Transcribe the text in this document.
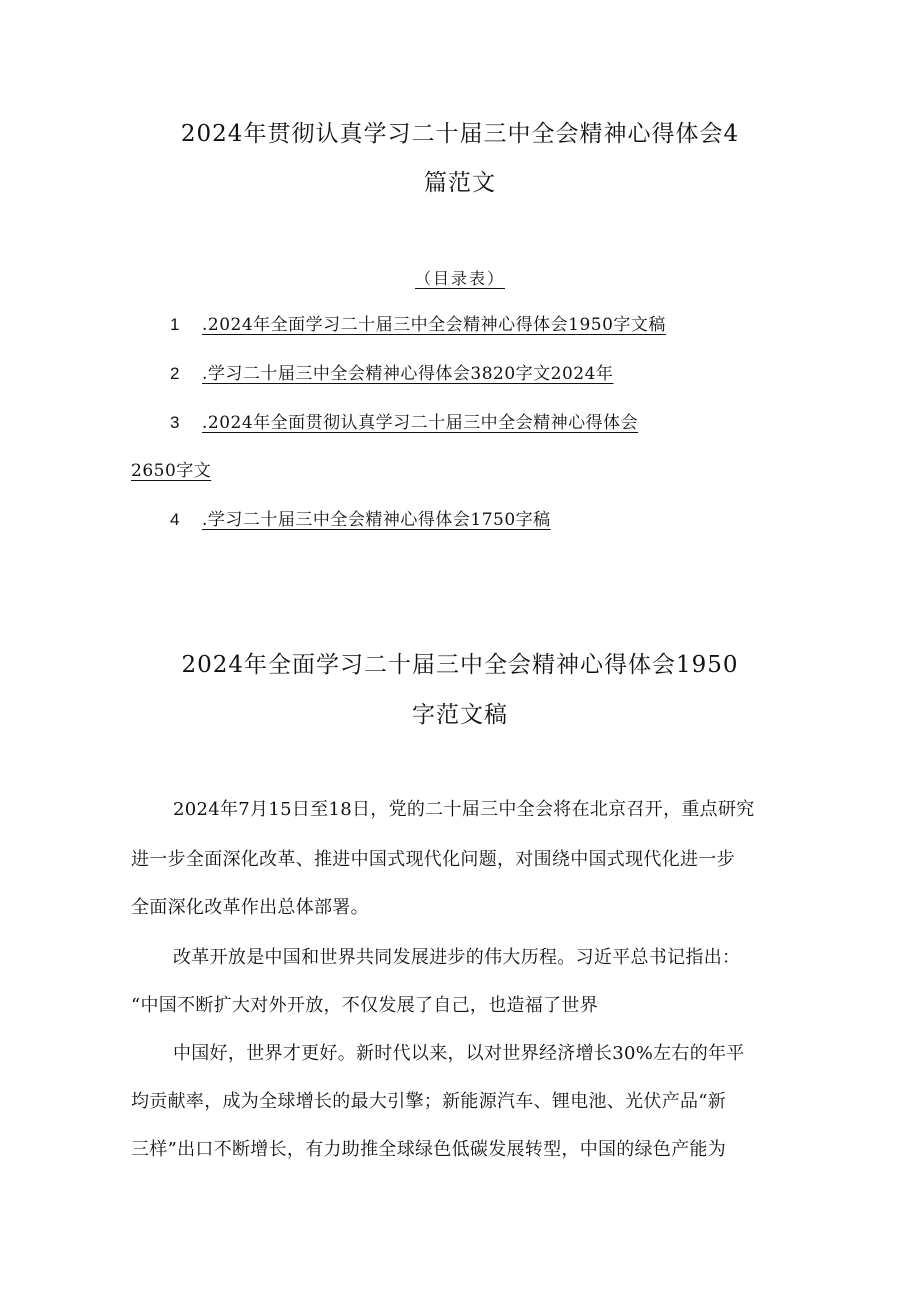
2024年贯彻认真学习二十届三中全会精神心得体会4
篇范文
（目录表）
1 .2024年全面学习二十届三中全会精神心得体会1950字文稿
2 .学习二十届三中全会精神心得体会3820字文2024年
3 .2024年全面贯彻认真学习二十届三中全会精神心得体会
2650字文
4 .学习二十届三中全会精神心得体会1750字稿
2024年全面学习二十届三中全会精神心得体会1950
字范文稿
2024年7月15日至18日，党的二十届三中全会将在北京召开，重点研究
进一步全面深化改革、推进中国式现代化问题，对围绕中国式现代化进一步
全面深化改革作出总体部署。
改革开放是中国和世界共同发展进步的伟大历程。习近平总书记指出：
“中国不断扩大对外开放，不仅发展了自己，也造福了世界
中国好，世界才更好。新时代以来，以对世界经济增长30%左右的年平
均贡献率，成为全球增长的最大引擎；新能源汽车、锂电池、光伏产品“新
三样”出口不断增长，有力助推全球绿色低碳发展转型，中国的绿色产能为
